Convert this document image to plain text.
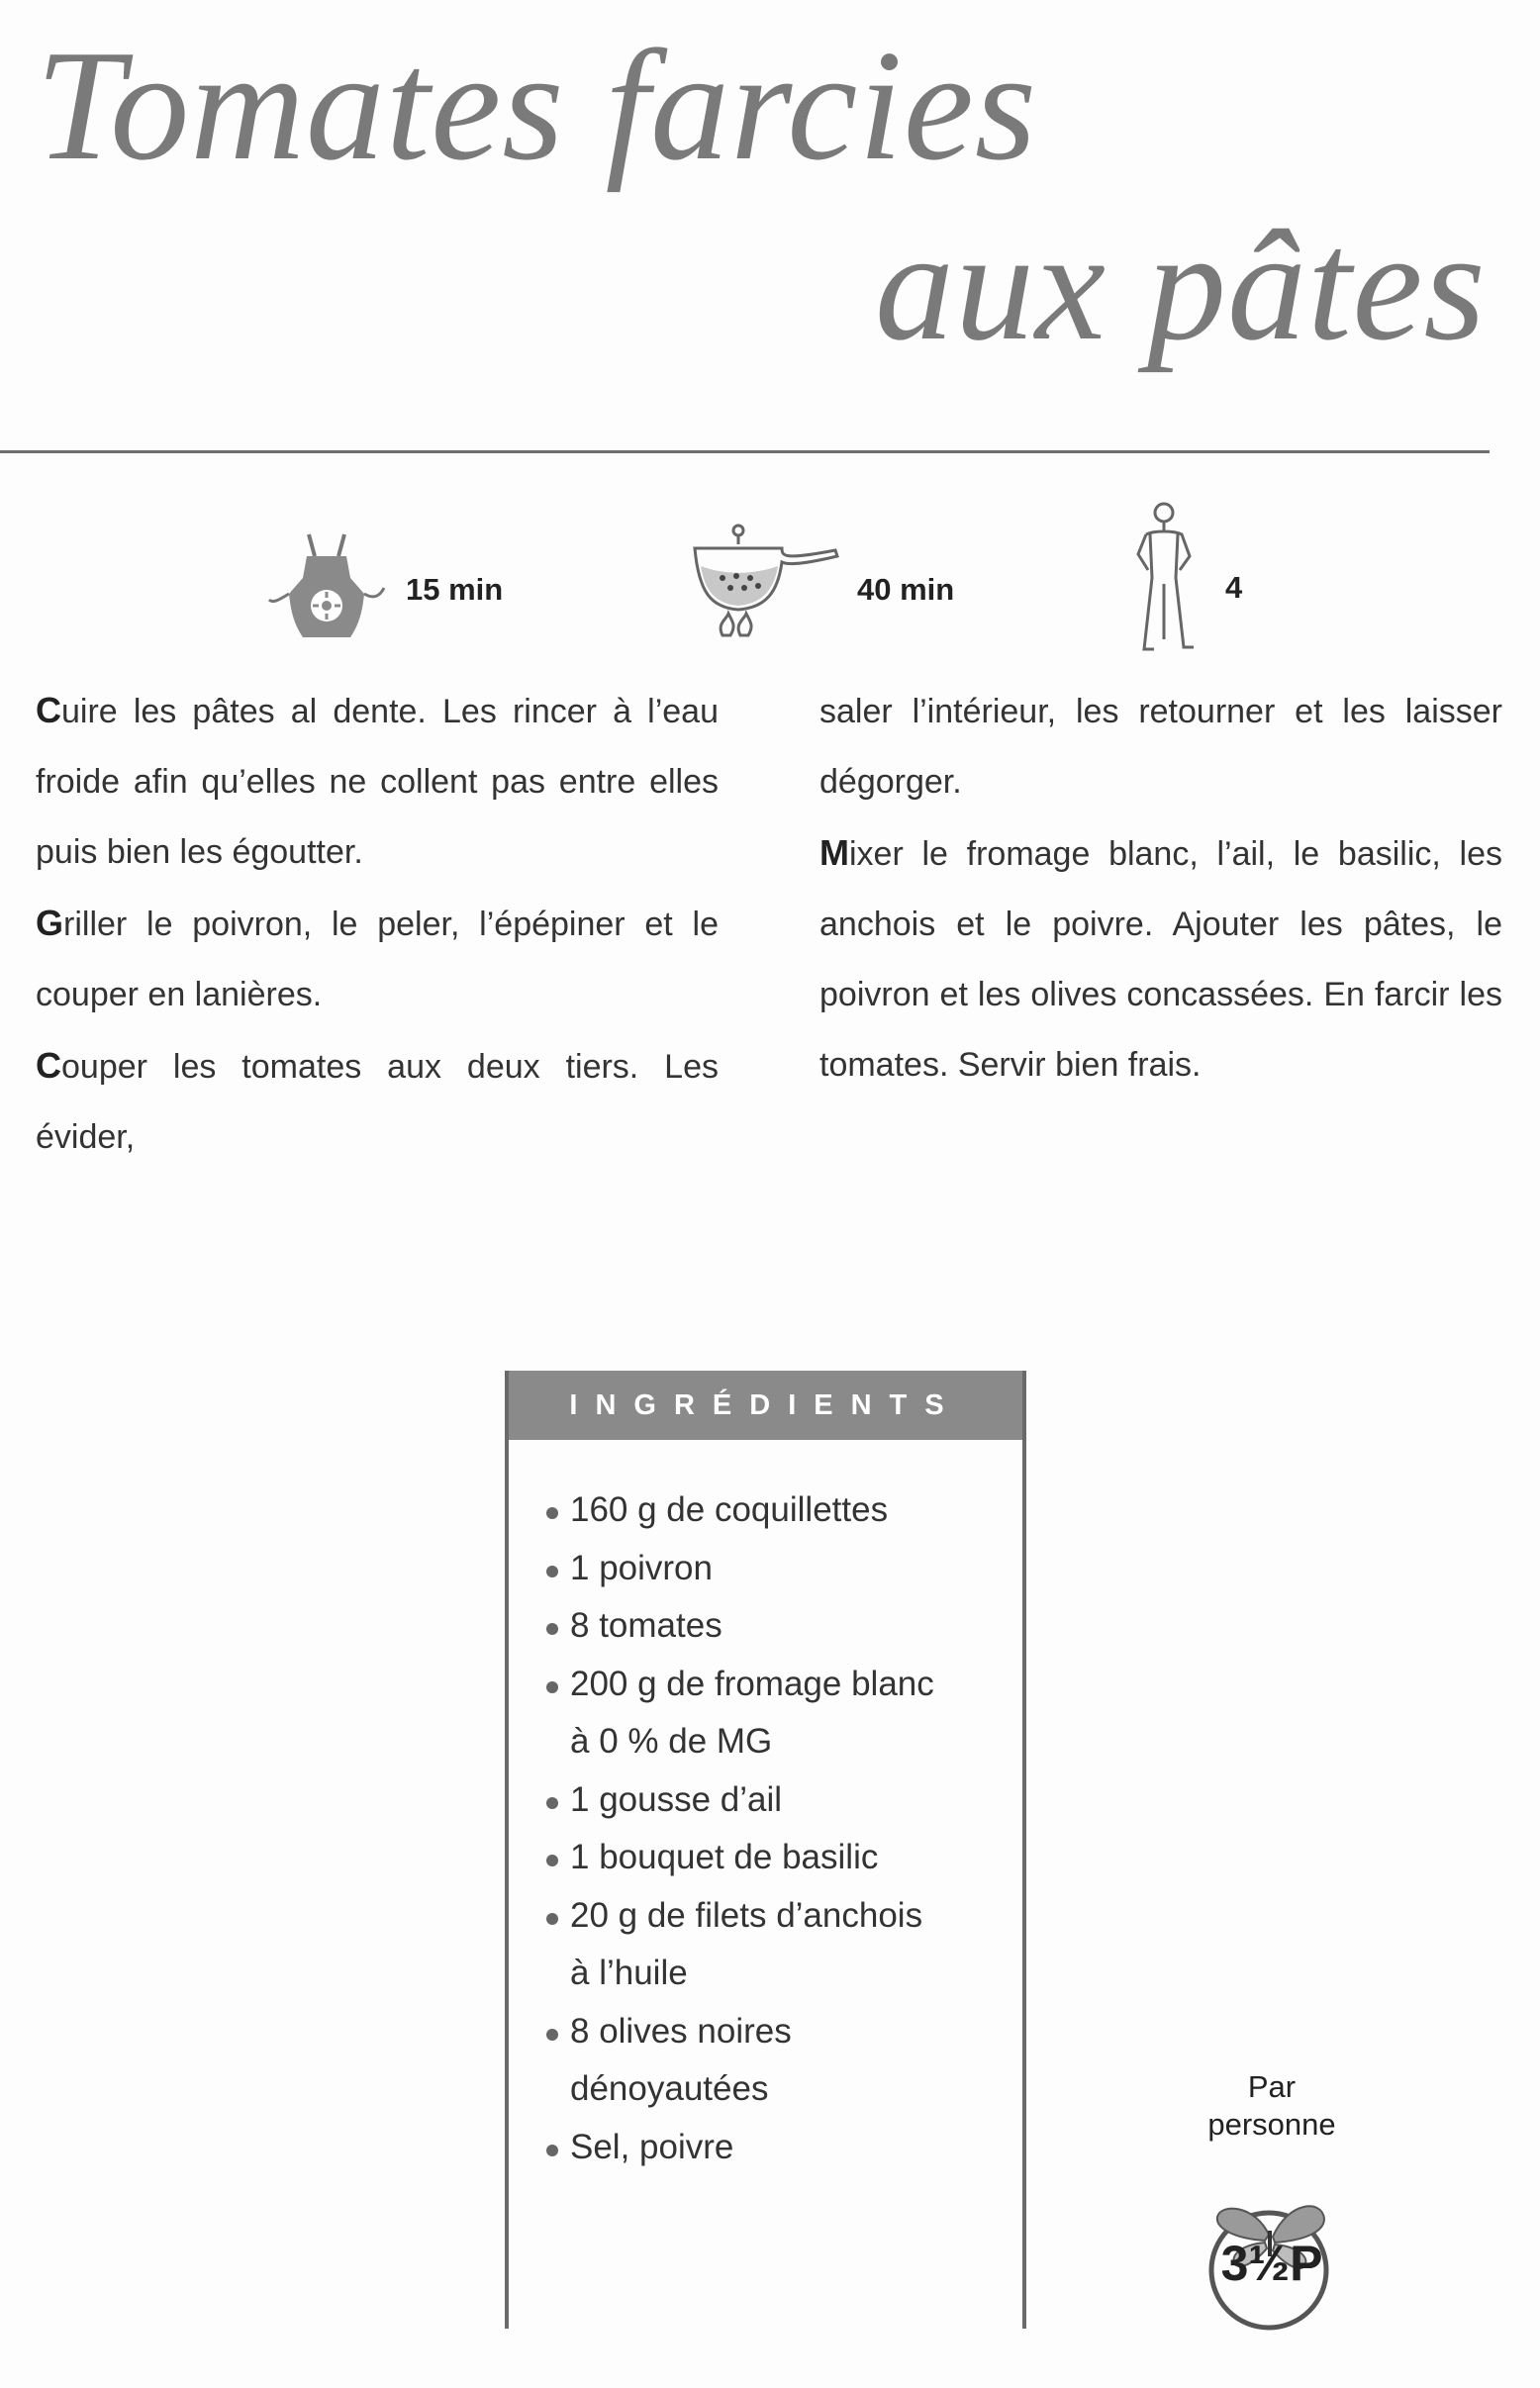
Tomates farcies
aux pâtes
15 min	40 min	4

Cuire les pâtes al dente. Les rincer à l’eau froide afin qu’elles ne collent pas entre elles puis bien les égoutter.

Griller le poivron, le peler, l’épépiner et le couper en lanières.

Couper les tomates aux deux tiers. Les évider,

saler l’intérieur, les retourner et les laisser dégorger.

Mixer le fromage blanc, l’ail, le basilic, les anchois et le poivre. Ajouter les pâtes, le poivron et les olives concassées. En farcir les tomates. Servir bien frais.

INGRÉDIENTS
160 g de coquillettes
1 poivron
8 tomates
200 g de fromage blanc
à 0 % de MG
1 gousse d’ail
1 bouquet de basilic
20 g de filets d’anchois
à l’huile
8 olives noires
dénoyautées
Sel, poivre
Par
personne
3½P
